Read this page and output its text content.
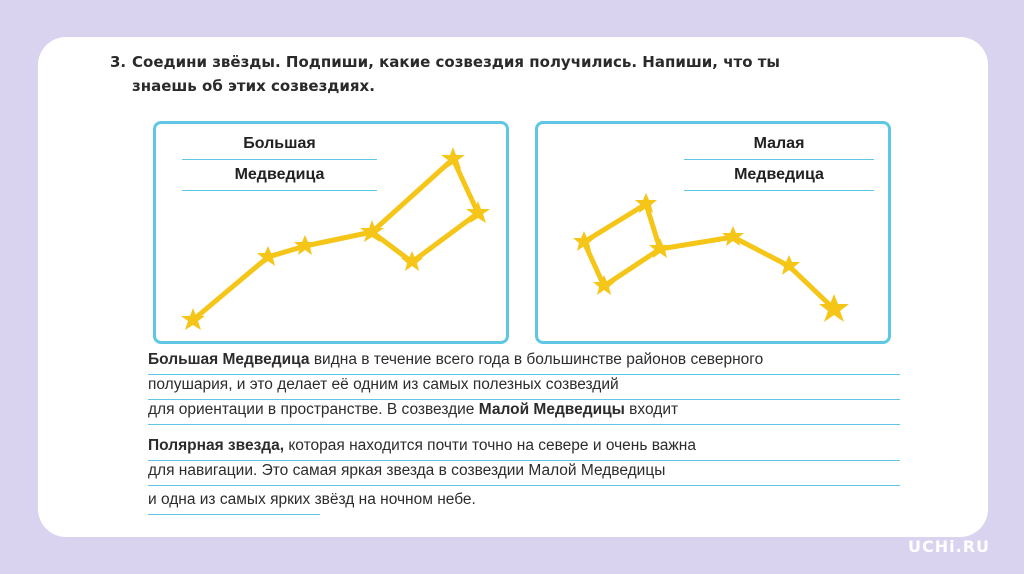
3. Соедини звёзды. Подпиши, какие созвездия получились. Напиши, что ты
знаешь об этих созвездиях.
Большая
Медведица
Малая
Медведица
Большая Медведица видна в течение всего года в большинстве районов северного
полушария, и это делает её одним из самых полезных созвездий
для ориентации в пространстве. В созвездие Малой Медведицы входит
Полярная звезда, которая находится почти точно на севере и очень важна
для навигации. Это самая яркая звезда в созвездии Малой Медведицы
и одна из самых ярких звёзд на ночном небе.
UCHi.RU
